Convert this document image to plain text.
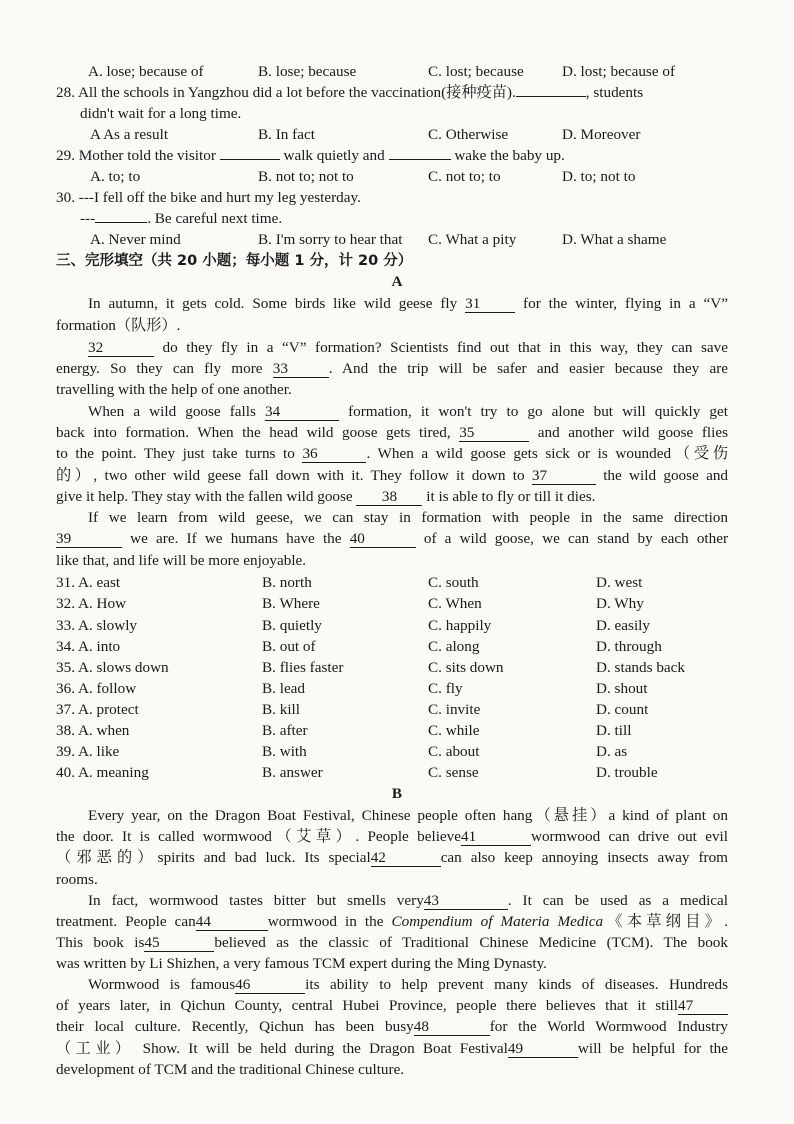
A. lose; because of	B. lose; because	C. lost; because	D. lost; because of
28. All the schools in Yangzhou did a lot before the vaccination(接种疫苗).	, students
didn't wait for a long time.
A As a result	B. In fact	C. Otherwise	D. Moreover
29. Mother told the visitor	walk quietly and	wake the baby up.
A. to; to	B. not to; not to	C. not to; to	D. to; not to
30. ---I fell off the bike and hurt my leg yesterday.
---	. Be careful next time.
A. Never mind	B. I'm sorry to hear that C. What a pity	D. What a shame
三、完形填空（共 20 小题；每小题 1 分，计 20 分）
A
In autumn, it gets cold. Some birds like wild geese fly 31	for the winter, flying in a “V”
formation（队形）.
32	do they fly in a “V” formation? Scientists find out that in this way, they can save
energy. So they can fly more 33	. And the trip will be safer and easier because they are
travelling with the help of one another.
When a wild goose falls 34	formation, it won't try to go alone but will quickly get
back into formation. When the head wild goose gets tired, 35	and another wild goose flies
to the point. They just take turns to 36	. When a wild goose gets sick or is wounded（受伤
的）, two other wild geese fall down with it. They follow it down to 37	the wild goose and
give it help. They stay with the fallen wild goose 38 it is able to fly or till it dies.
If we learn from wild geese, we can stay in formation with people in the same direction
39	we are. If we humans have the 40	of a wild goose, we can stand by each other
like that, and life will be more enjoyable.
31. A. east	B. north	C. south	D. west
32. A. How	B. Where	C. When	D. Why
33. A. slowly	B. quietly	C. happily	D. easily
34. A. into	B. out of	C. along	D. through
35. A. slows down	B. flies faster	C. sits down	D. stands back
36. A. follow	B. lead	C. fly	D. shout
37. A. protect	B. kill	C. invite	D. count
38. A. when	B. after	C. while	D. till
39. A. like	B. with	C. about	D. as
40. A. meaning	B. answer	C. sense	D. trouble
B
Every year, on the Dragon Boat Festival, Chinese people often hang（悬挂）a kind of plant on
the door. It is called wormwood（艾草）. People believe41	wormwood can drive out evil
（邪恶的）spirits and bad luck. Its special42	can also keep annoying insects away from
rooms.
In fact, wormwood tastes bitter but smells very43	. It can be used as a medical
treatment. People can44	wormwood in the Compendium of Materia Medica《本草纲目》.
This book is45	believed as the classic of Traditional Chinese Medicine (TCM). The book
was written by Li Shizhen, a very famous TCM expert during the Ming Dynasty.
Wormwood is famous46	its ability to help prevent many kinds of diseases. Hundreds
of years later, in Qichun County, central Hubei Province, people there believes that it still47
their local culture. Recently, Qichun has been busy48	for the World Wormwood Industry
（工业） Show. It will be held during the Dragon Boat Festival49	will be helpful for the
development of TCM and the traditional Chinese culture.
